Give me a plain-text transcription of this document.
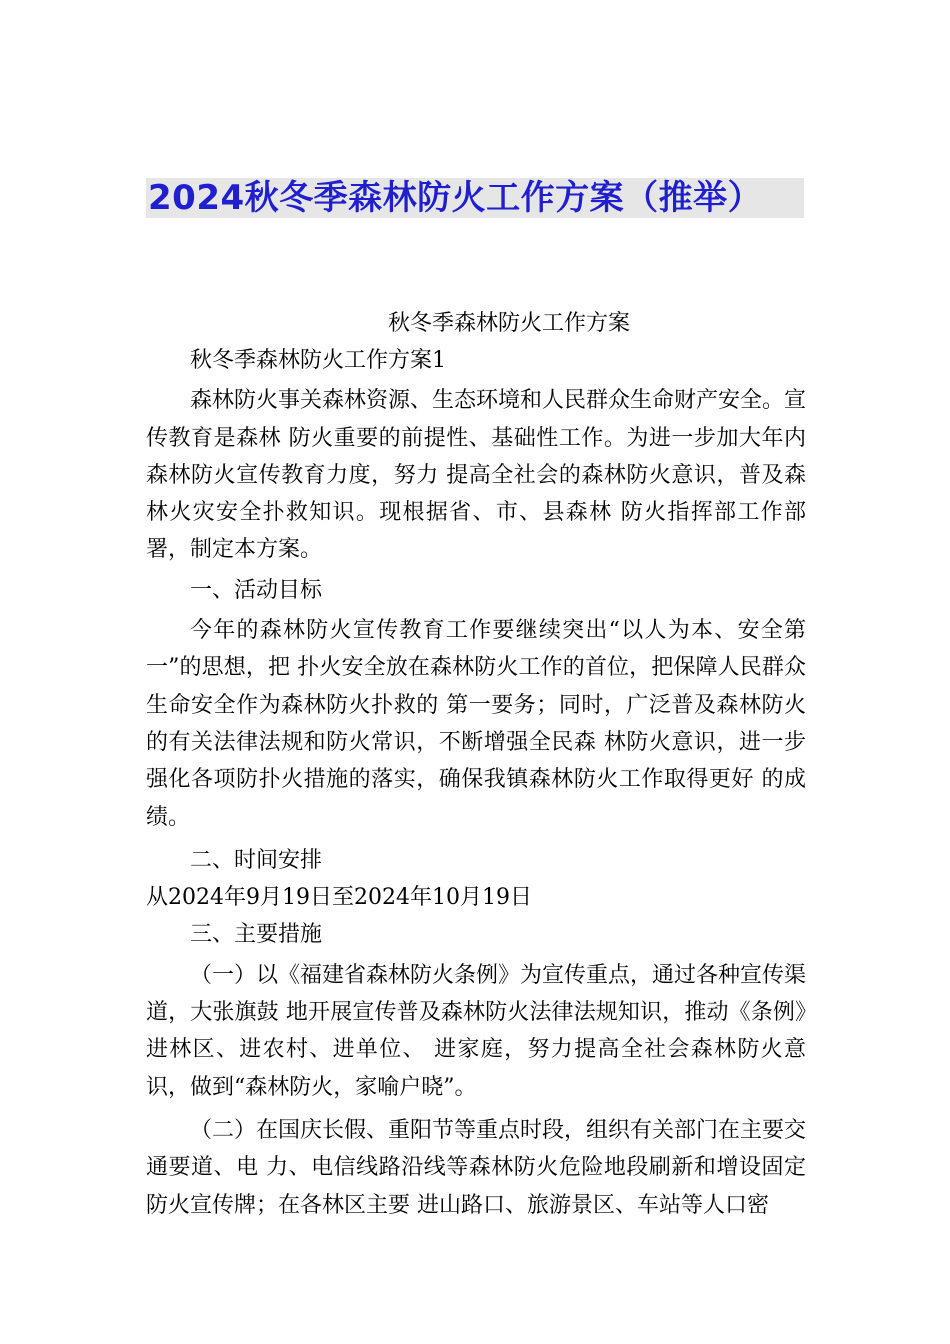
2024秋冬季森林防火工作方案（推举）
秋冬季森林防火工作方案
秋冬季森林防火工作方案1
森林防火事关森林资源、生态环境和人民群众生命财产安全。宣传教育是森林 防火重要的前提性、基础性工作。为进一步加大年内森林防火宣传教育力度，努力 提高全社会的森林防火意识，普及森林火灾安全扑救知识。现根据省、市、县森林 防火指挥部工作部署，制定本方案。
一、活动目标
今年的森林防火宣传教育工作要继续突出“以人为本、安全第一”的思想，把 扑火安全放在森林防火工作的首位，把保障人民群众生命安全作为森林防火扑救的 第一要务；同时，广泛普及森林防火的有关法律法规和防火常识，不断增强全民森 林防火意识，进一步强化各项防扑火措施的落实，确保我镇森林防火工作取得更好 的成绩。
二、时间安排
从2024年9月19日至2024年10月19日
三、主要措施
（一）以《福建省森林防火条例》为宣传重点，通过各种宣传渠道，大张旗鼓 地开展宣传普及森林防火法律法规知识，推动《条例》进林区、进农村、进单位、 进家庭，努力提高全社会森林防火意识，做到“森林防火，家喻户晓”。
（二）在国庆长假、重阳节等重点时段，组织有关部门在主要交通要道、电 力、电信线路沿线等森林防火危险地段刷新和增设固定防火宣传牌；在各林区主要 进山路口、旅游景区、车站等人口密
